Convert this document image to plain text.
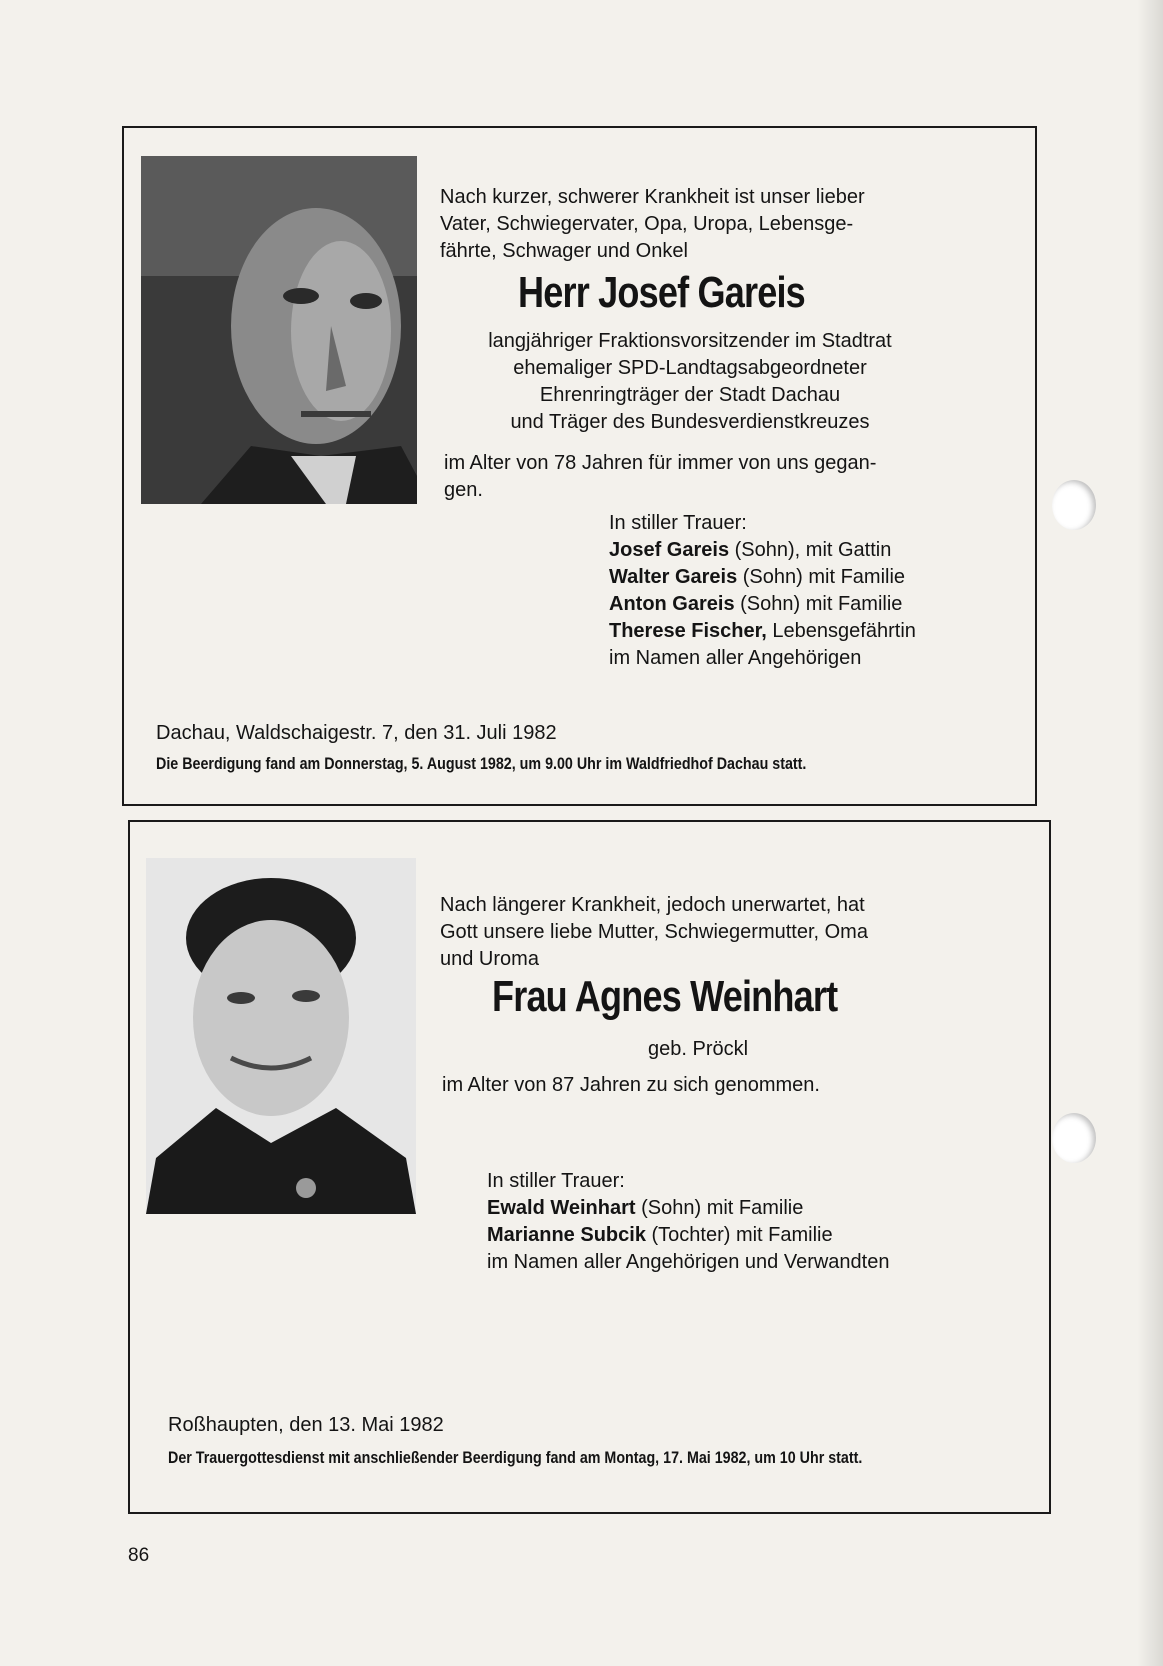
Nach kurzer, schwerer Krankheit ist unser lieber
Vater, Schwiegervater, Opa, Uropa, Lebensge-
fährte, Schwager und Onkel
Herr Josef Gareis
langjähriger Fraktionsvorsitzender im Stadtrat
ehemaliger SPD-Landtagsabgeordneter
Ehrenringträger der Stadt Dachau
und Träger des Bundesverdienstkreuzes
im Alter von 78 Jahren für immer von uns gegan-
gen.
In stiller Trauer:
Josef Gareis (Sohn), mit Gattin
Walter Gareis (Sohn) mit Familie
Anton Gareis (Sohn) mit Familie
Therese Fischer, Lebensgefährtin
im Namen aller Angehörigen
Dachau, Waldschaigestr. 7, den 31. Juli 1982
Die Beerdigung fand am Donnerstag, 5. August 1982, um 9.00 Uhr im Waldfriedhof Dachau statt.
Nach längerer Krankheit, jedoch unerwartet, hat
Gott unsere liebe Mutter, Schwiegermutter, Oma
und Uroma
Frau Agnes Weinhart
geb. Pröckl
im Alter von 87 Jahren zu sich genommen.
In stiller Trauer:
Ewald Weinhart (Sohn) mit Familie
Marianne Subcik (Tochter) mit Familie
im Namen aller Angehörigen und Verwandten
Roßhaupten, den 13. Mai 1982
Der Trauergottesdienst mit anschließender Beerdigung fand am Montag, 17. Mai 1982, um 10 Uhr statt.
86
